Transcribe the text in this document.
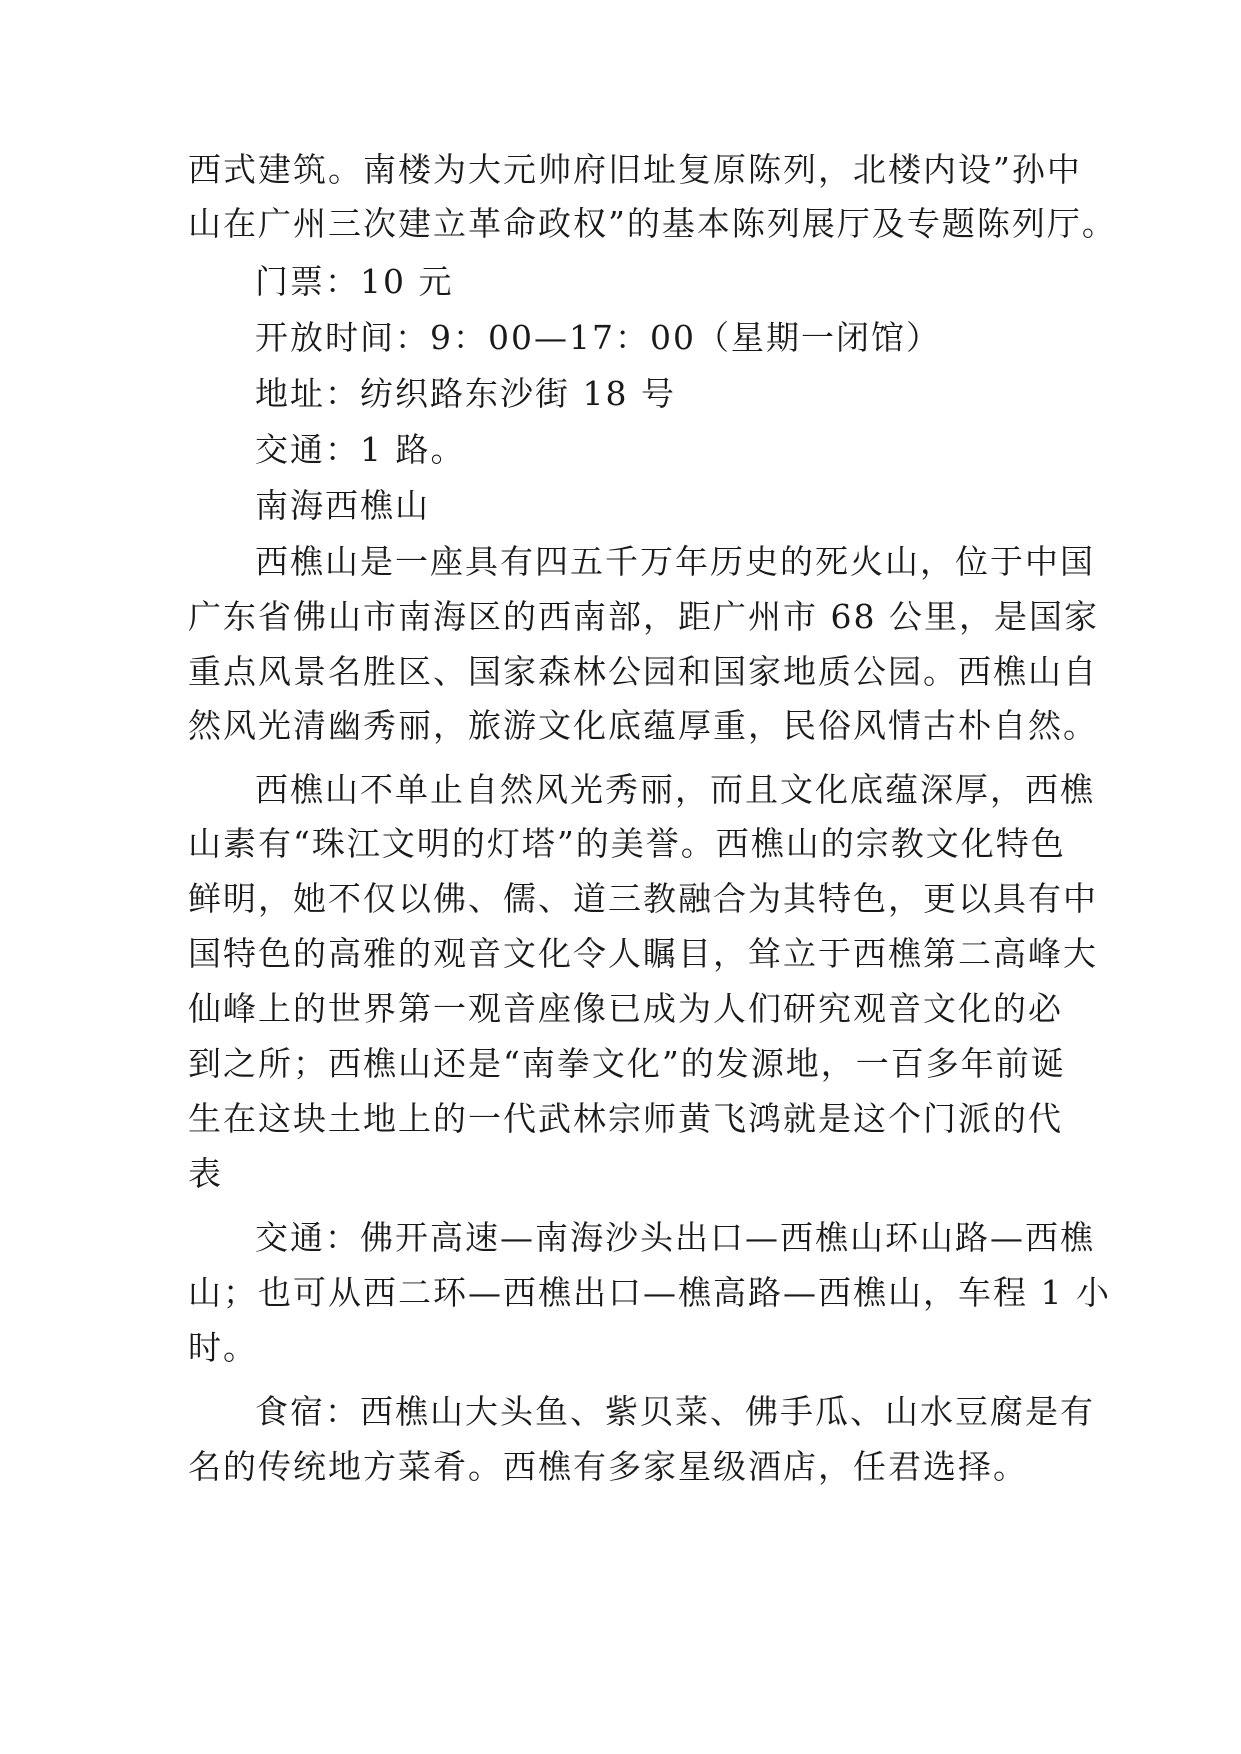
西式建筑。南楼为大元帅府旧址复原陈列，北楼内设”孙中
山在广州三次建立革命政权”的基本陈列展厅及专题陈列厅。
门票：10 元
开放时间：9：00—17：00（星期一闭馆）
地址：纺织路东沙街 18 号
交通：1 路。
南海西樵山
西樵山是一座具有四五千万年历史的死火山，位于中国
广东省佛山市南海区的西南部，距广州市 68 公里，是国家
重点风景名胜区、国家森林公园和国家地质公园。西樵山自
然风光清幽秀丽，旅游文化底蕴厚重，民俗风情古朴自然。
西樵山不单止自然风光秀丽，而且文化底蕴深厚，西樵
山素有“珠江文明的灯塔”的美誉。西樵山的宗教文化特色
鲜明，她不仅以佛、儒、道三教融合为其特色，更以具有中
国特色的高雅的观音文化令人瞩目，耸立于西樵第二高峰大
仙峰上的世界第一观音座像已成为人们研究观音文化的必
到之所；西樵山还是“南拳文化”的发源地，一百多年前诞
生在这块土地上的一代武林宗师黄飞鸿就是这个门派的代
表
交通：佛开高速—南海沙头出口—西樵山环山路—西樵
山；也可从西二环—西樵出口—樵高路—西樵山，车程 1 小
时。
食宿：西樵山大头鱼、紫贝菜、佛手瓜、山水豆腐是有
名的传统地方菜肴。西樵有多家星级酒店，任君选择。
